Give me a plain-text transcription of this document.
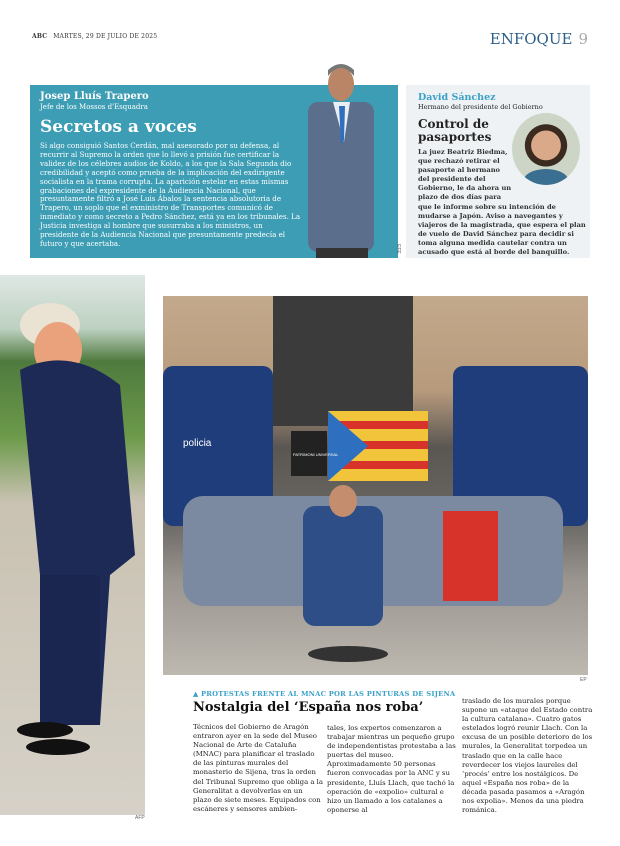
ABC MARTES, 29 DE JULIO DE 2025	ENFOQUE 9
Josep Lluís Trapero
Jefe de los Mossos d'Esquadra
Secretos a voces
Si algo consiguió Santos Cerdán, mal asesorado por su defensa, al recurrir al Supremo la orden que lo llevó a prisión fue certificar la validez de los célebres audios de Koldo, a los que la Sala Segunda dio credibilidad y aceptó como prueba de la implicación del exdirigente socialista en la trama corrupta. La aparición estelar en estas mismas grabaciones del expresidente de la Audiencia Nacional, que presuntamente filtró a José Luis Ábalos la sentencia absolutoria de Trapero, un soplo que el exministro de Transportes comunicó de inmediato y como secreto a Pedro Sánchez, está ya en los tribunales. La Justicia investiga al hombre que susurraba a los ministros, un presidente de la Audiencia Nacional que presuntamente predecía el futuro y que acertaba.
EFE
David Sánchez
Hermano del presidente del Gobierno
Control de pasaportes
La juez Beatriz Biedma, que rechazó retirar el pasaporte al hermano del presidente del Gobierno, le da ahora un plazo de dos días para que le informe sobre su intención de mudarse a Japón. Aviso a navegantes y viajeros de la magistrada, que espera el plan de vuelo de David Sánchez para decidir si toma alguna medida cautelar contra un acusado que está al borde del banquillo.
AFP
policia
PATRIMONI UNIVERSAL
EP
▲ PROTESTAS FRENTE AL MNAC POR LAS PINTURAS DE SIJENA
Nostalgia del ‘España nos roba’
Técnicos del Gobierno de Aragón entraron ayer en la sede del Museo Nacional de Arte de Cataluña (MNAC) para planificar el traslado de las pinturas murales del monasterio de Sijena, tras la orden del Tribunal Supremo que obliga a la Generalitat a devolverlas en un plazo de siete meses. Equipados con escáneres y sensores ambien-
tales, los expertos comenzaron a trabajar mientras un pequeño grupo de independentistas protestaba a las puertas del museo. Aproximadamente 50 personas fueron convocadas por la ANC y su presidente, Lluís Llach, que tachó la operación de «expolio» cultural e hizo un llamado a los catalanes a oponerse al
traslado de los murales porque supone un «ataque del Estado contra la cultura catalana». Cuatro gatos estelados logró reunir Llach. Con la excusa de un posible deterioro de los murales, la Generalitat torpedea un traslado que en la calle hace reverdecer los viejos laureles del ‘procés’ entre los nostálgicos. De aquel «España nos roba» de la década pasada pasamos a «Aragón nos expolia». Menos da una piedra románica.
